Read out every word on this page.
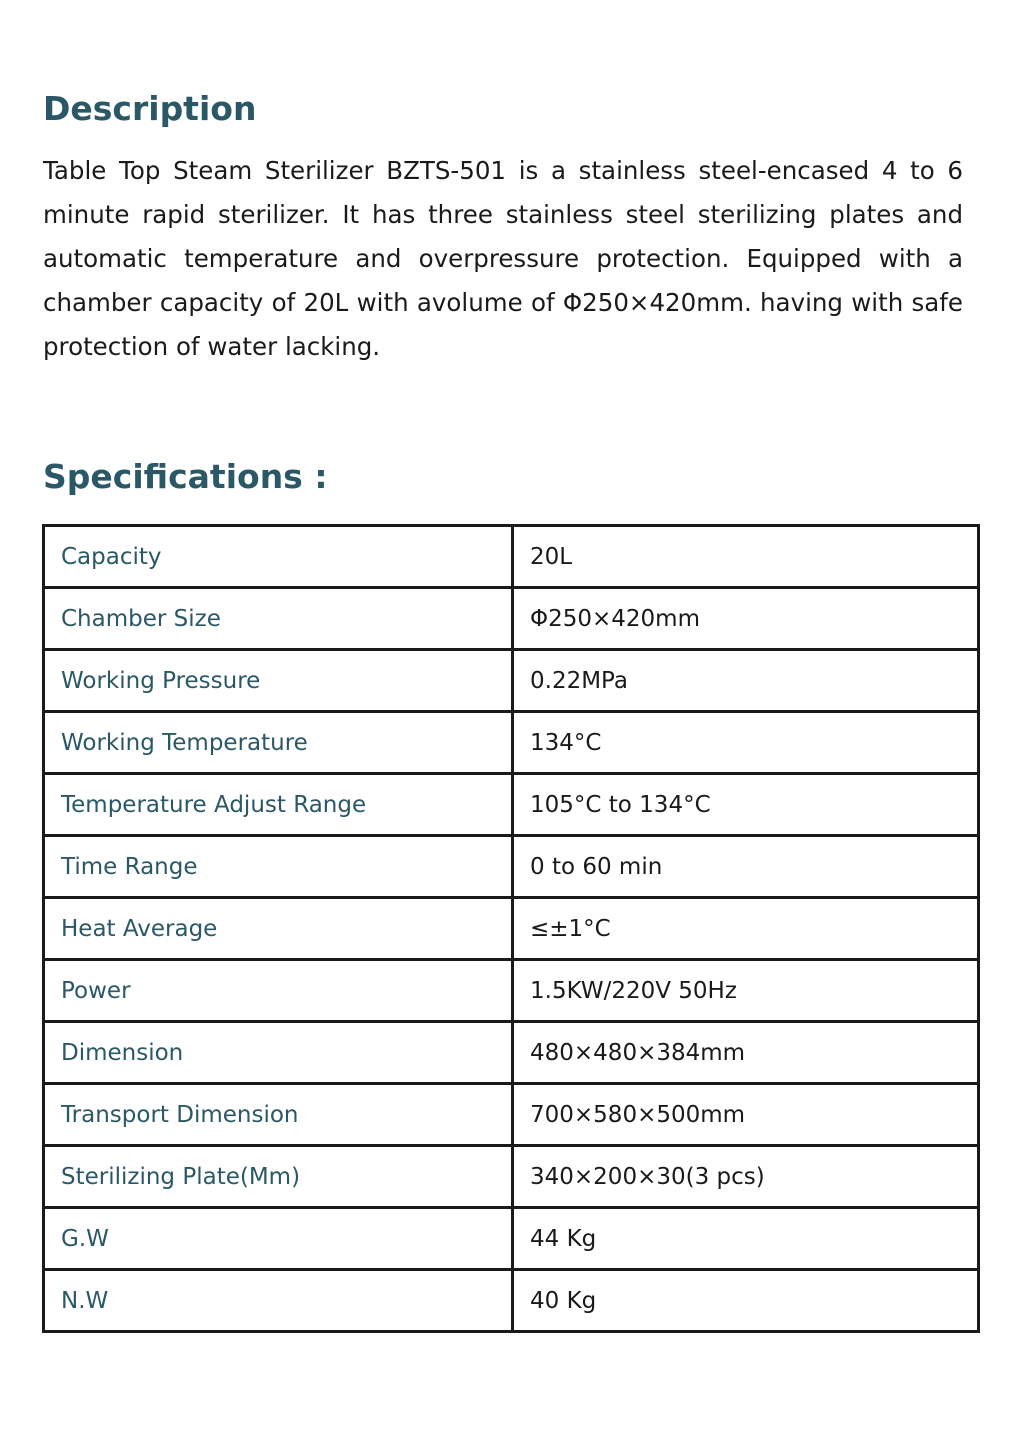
Description

Table Top Steam Sterilizer BZTS-501 is a stainless steel-encased 4 to 6 minute rapid sterilizer. It has three stainless steel sterilizing plates and automatic temperature and overpressure protection. Equipped with a chamber capacity of 20L with avolume of Φ250×420mm. having with safe protection of water lacking.

Specifications :
Capacity	20L
Chamber Size	Φ250×420mm
Working Pressure	0.22MPa
Working Temperature	134°C
Temperature Adjust Range	105°C to 134°C
Time Range	0 to 60 min
Heat Average	≤±1°C
Power	1.5KW/220V 50Hz
Dimension	480×480×384mm
Transport Dimension	700×580×500mm
Sterilizing Plate(Mm)	340×200×30(3 pcs)
G.W	44 Kg
N.W	40 Kg
